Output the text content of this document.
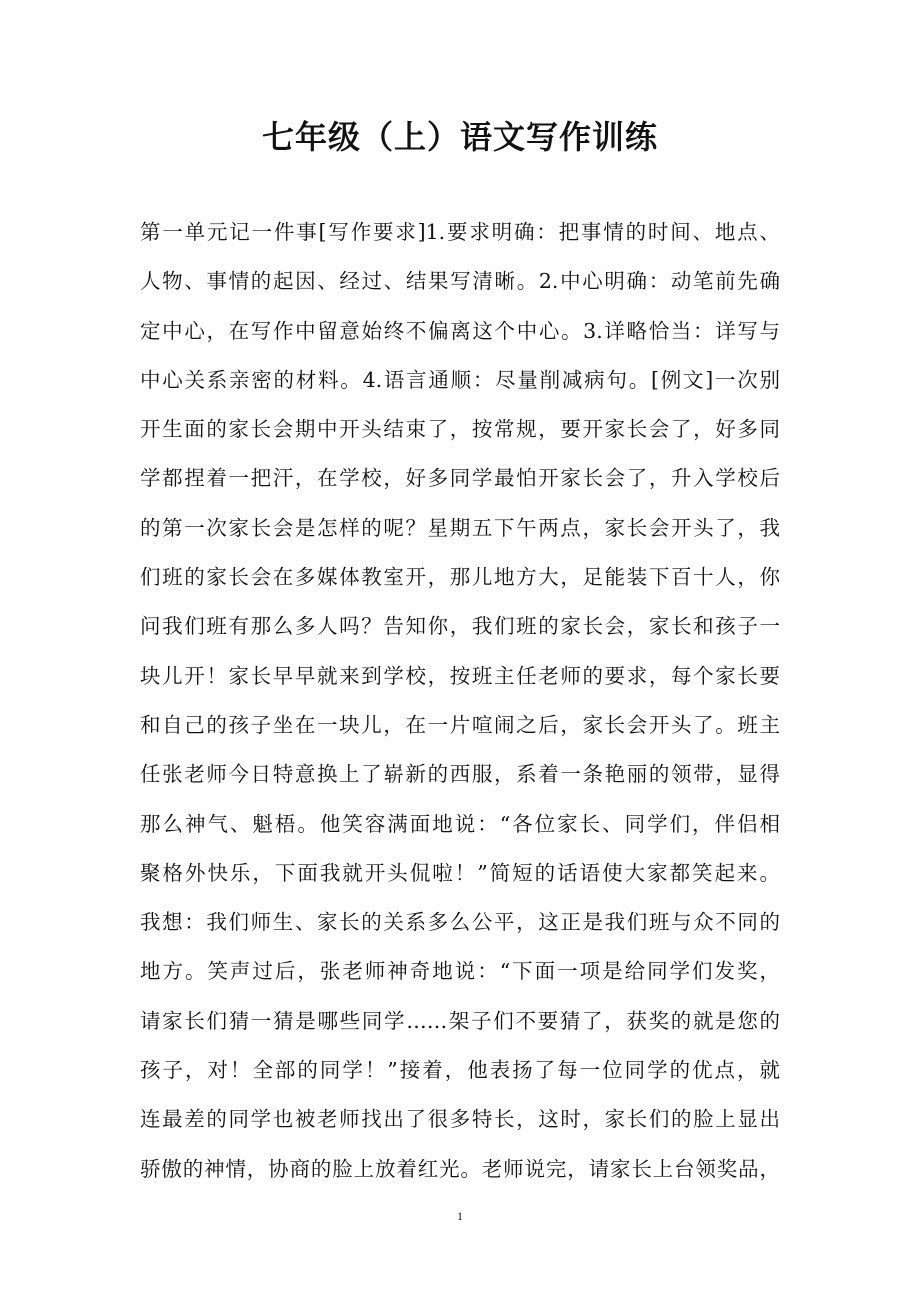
七年级（上）语文写作训练
第一单元记一件事[写作要求]1.要求明确：把事情的时间、地点、
人物、事情的起因、经过、结果写清晰。2.中心明确：动笔前先确
定中心，在写作中留意始终不偏离这个中心。3.详略恰当：详写与
中心关系亲密的材料。4.语言通顺：尽量削减病句。[例文]一次别
开生面的家长会期中开头结束了，按常规，要开家长会了，好多同
学都捏着一把汗，在学校，好多同学最怕开家长会了，升入学校后
的第一次家长会是怎样的呢？星期五下午两点，家长会开头了，我
们班的家长会在多媒体教室开，那儿地方大，足能装下百十人，你
问我们班有那么多人吗？告知你，我们班的家长会，家长和孩子一
块儿开！家长早早就来到学校，按班主任老师的要求，每个家长要
和自己的孩子坐在一块儿，在一片喧闹之后，家长会开头了。班主
任张老师今日特意换上了崭新的西服，系着一条艳丽的领带，显得
那么神气、魁梧。他笑容满面地说：“各位家长、同学们，伴侣相
聚格外快乐，下面我就开头侃啦！”简短的话语使大家都笑起来。
我想：我们师生、家长的关系多么公平，这正是我们班与众不同的
地方。笑声过后，张老师神奇地说：“下面一项是给同学们发奖，
请家长们猜一猜是哪些同学……架子们不要猜了，获奖的就是您的
孩子，对！全部的同学！”接着，他表扬了每一位同学的优点，就
连最差的同学也被老师找出了很多特长，这时，家长们的脸上显出
骄傲的神情，协商的脸上放着红光。老师说完，请家长上台领奖品，
1
